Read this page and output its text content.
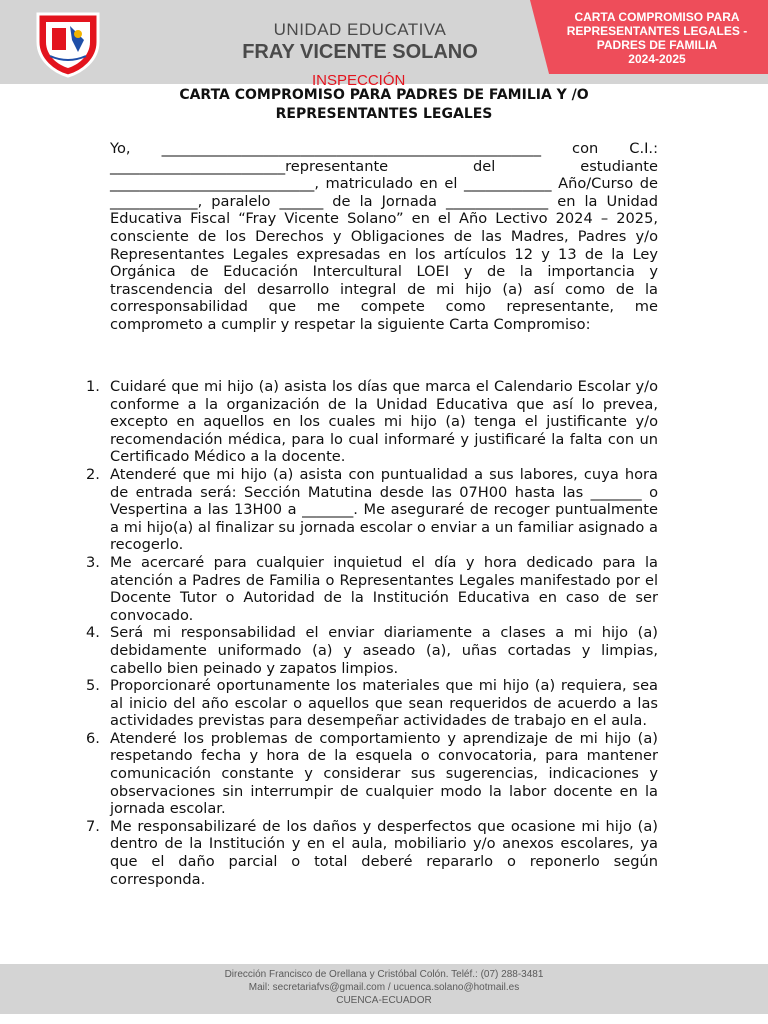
UNIDAD EDUCATIVA
FRAY VICENTE SOLANO
CARTA COMPROMISO PARA
REPRESENTANTES LEGALES -
PADRES DE FAMILIA
2024-2025
INSPECCIÓN
CARTA COMPROMISO PARA PADRES DE FAMILIA Y /O
REPRESENTANTES LEGALES

Yo, ____________________________________________________ con C.I.: ________________________representante del estudiante ____________________________, matriculado en el ____________ Año/Curso de ____________, paralelo ______ de la Jornada ______________ en la Unidad Educativa Fiscal “Fray Vicente Solano” en el Año Lectivo 2024 – 2025, consciente de los Derechos y Obligaciones de las Madres, Padres y/o Representantes Legales expresadas en los artículos 12 y 13 de la Ley Orgánica de Educación Intercultural LOEI y de la importancia y trascendencia del desarrollo integral de mi hijo (a) así como de la corresponsabilidad que me compete como representante, me comprometo a cumplir y respetar la siguiente Carta Compromiso:

1. Cuidaré que mi hijo (a) asista los días que marca el Calendario Escolar y/o conforme a la organización de la Unidad Educativa que así lo prevea, excepto en aquellos en los cuales mi hijo (a) tenga el justificante y/o recomendación médica, para lo cual informaré y justificaré la falta con un Certificado Médico a la docente.
2. Atenderé que mi hijo (a) asista con puntualidad a sus labores, cuya hora de entrada será: Sección Matutina desde las 07H00 hasta las _______ o Vespertina a las 13H00 a _______. Me aseguraré de recoger puntualmente a mi hijo(a) al finalizar su jornada escolar o enviar a un familiar asignado a recogerlo.
3. Me acercaré para cualquier inquietud el día y hora dedicado para la atención a Padres de Familia o Representantes Legales manifestado por el Docente Tutor o Autoridad de la Institución Educativa en caso de ser convocado.
4. Será mi responsabilidad el enviar diariamente a clases a mi hijo (a) debidamente uniformado (a) y aseado (a), uñas cortadas y limpias, cabello bien peinado y zapatos limpios.
5. Proporcionaré oportunamente los materiales que mi hijo (a) requiera, sea al inicio del año escolar o aquellos que sean requeridos de acuerdo a las actividades previstas para desempeñar actividades de trabajo en el aula.
6. Atenderé los problemas de comportamiento y aprendizaje de mi hijo (a) respetando fecha y hora de la esquela o convocatoria, para mantener comunicación constante y considerar sus sugerencias, indicaciones y observaciones sin interrumpir de cualquier modo la labor docente en la jornada escolar.
7. Me responsabilizaré de los daños y desperfectos que ocasione mi hijo (a) dentro de la Institución y en el aula, mobiliario y/o anexos escolares, ya que el daño parcial o total deberé repararlo o reponerlo según corresponda.
Dirección Francisco de Orellana y Cristóbal Colón. Teléf.: (07) 288-3481
Mail: secretariafvs@gmail.com / ucuenca.solano@hotmail.es
CUENCA-ECUADOR
